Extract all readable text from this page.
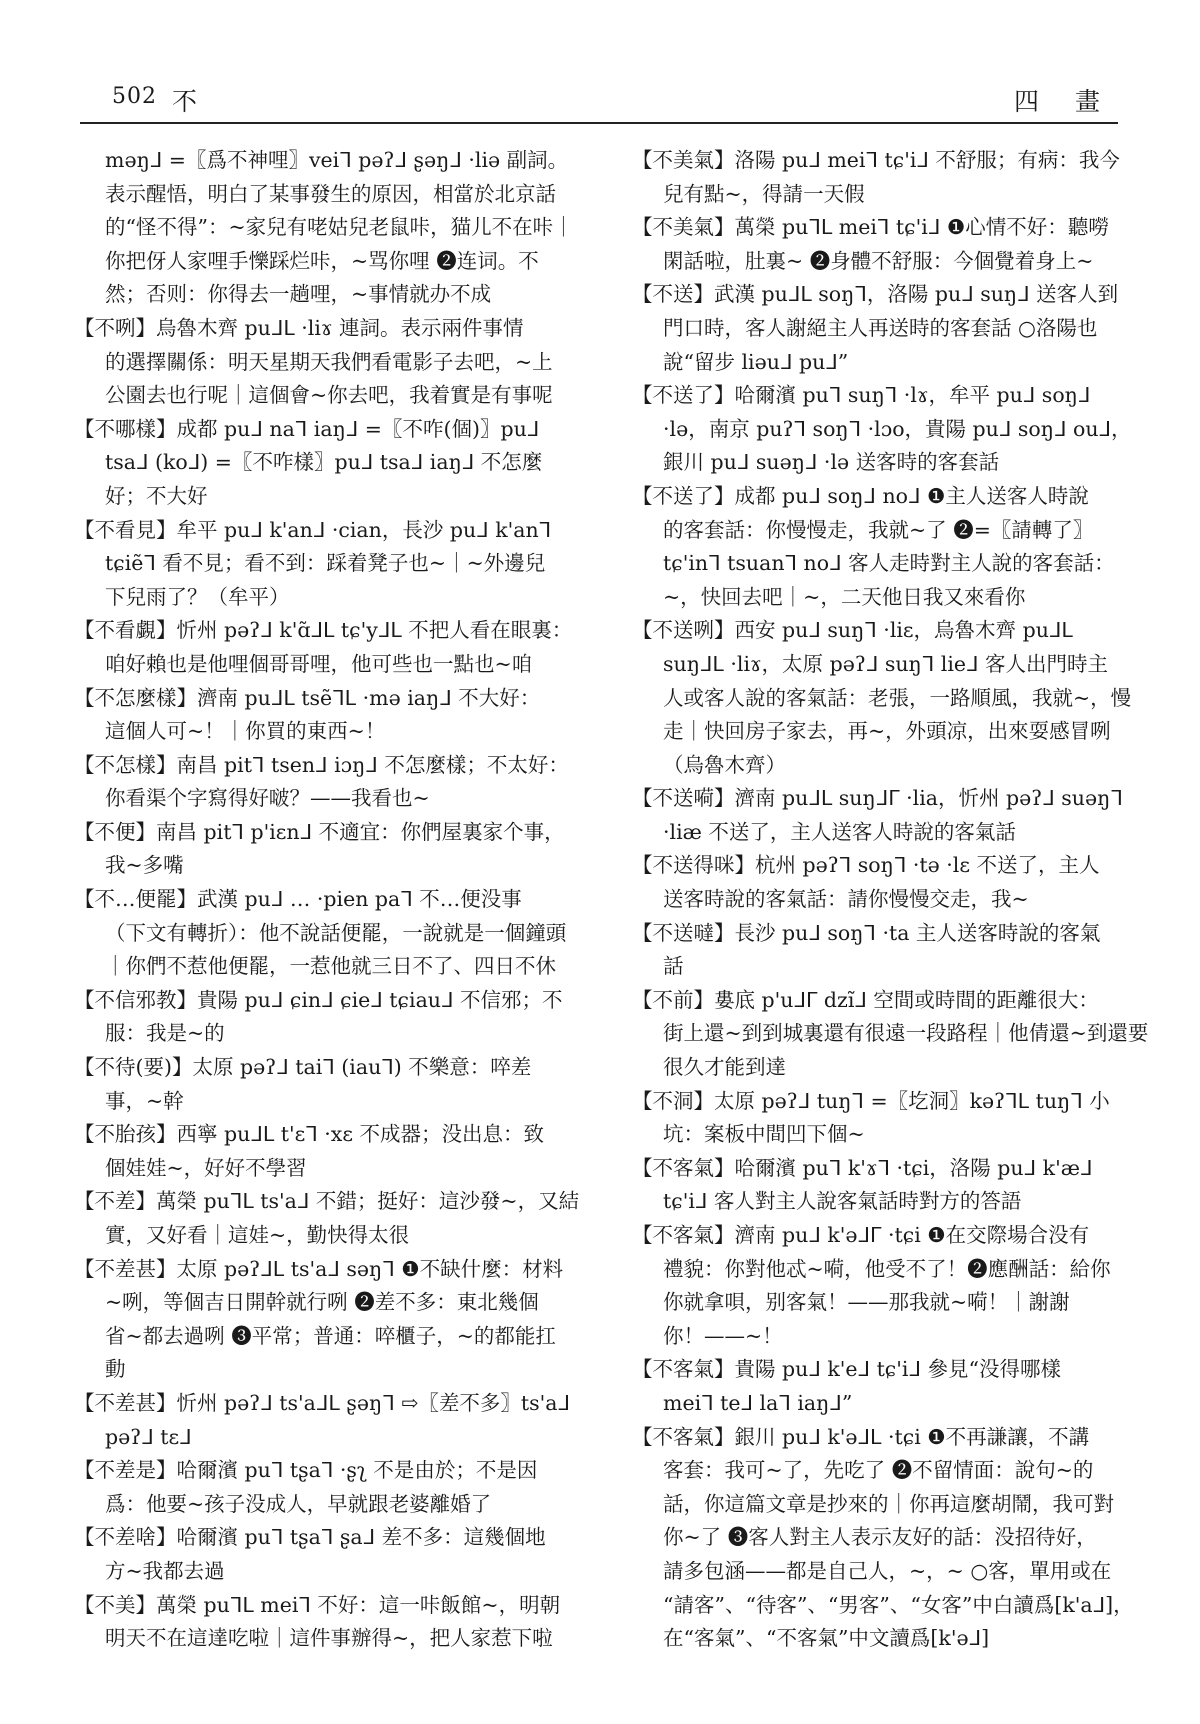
502 不	四 畫

məŋᒧ =〖爲不神哩〗veiᒣ pəʔᒧ ʂəŋᒧ ·liə 副詞。

表示醒悟，明白了某事發生的原因，相當於北京話

的“怪不得”：~家兒有咾姑兒老鼠咔，猫儿不在咔｜

你把伢人家哩手㦡踩烂咔，~骂你哩 ❷连词。不

然；否则：你得去一趟哩，~事情就办不成

【不咧】烏魯木齊 puᒧᒪ ·liɤ 連詞。表示兩件事情

的選擇關係：明天星期天我們看電影子去吧，~上

公園去也行呢｜這個會~你去吧，我着實是有事呢

【不哪樣】成都 puᒧ naᒣ iaŋᒧ =〖不咋(個)〗puᒧ

tsaᒧ (koᒧ) =〖不咋樣〗puᒧ tsaᒧ iaŋᒧ 不怎麼

好；不大好

【不看見】牟平 puᒧ k'anᒧ ·cian，長沙 puᒧ k'anᒣ

tɕiẽᒣ 看不見；看不到：踩着凳子也~｜~外邊兒

下兒雨了？（牟平）

【不看覷】忻州 pəʔᒧ k'ɑ̃ᒧᒪ tɕ'yᒧᒪ 不把人看在眼裏：

咱好賴也是他哩個哥哥哩，他可些也一點也~咱

【不怎麼樣】濟南 puᒧᒪ tsẽᒣᒪ ·mə iaŋᒧ 不大好：

這個人可~！｜你買的東西~！

【不怎樣】南昌 pitᒣ tsenᒧ iɔŋᒧ 不怎麼樣；不太好：

你看渠个字寫得好啵？——我看也~

【不便】南昌 pitᒣ p'iɛnᒧ 不適宜：你們屋裏家个事，

我~多嘴

【不…便罷】武漢 puᒧ … ·pien paᒣ 不…便没事

（下文有轉折）：他不說話便罷，一說就是一個鐘頭

｜你們不惹他便罷，一惹他就三日不了、四日不休

【不信邪教】貴陽 puᒧ ɕinᒧ ɕieᒧ tɕiauᒧ 不信邪；不

服：我是~的

【不待(要)】太原 pəʔᒧ taiᒣ (iauᒣ) 不樂意：啐差

事，~幹

【不胎孩】西寧 puᒧᒪ t'ɛᒣ ·xɛ 不成器；没出息：致

個娃娃~，好好不學習

【不差】萬榮 puᒣᒪ ts'aᒧ 不錯；挺好：這沙發~，又結

實，又好看｜這娃~，勤快得太很

【不差甚】太原 pəʔᒧᒪ ts'aᒧ səŋᒣ ❶不缺什麼：材料

~咧，等個吉日開幹就行咧 ❷差不多：東北幾個

省~都去過咧 ❸平常；普通：啐櫃子，~的都能扛

動

【不差甚】忻州 pəʔᒧ ts'aᒧᒪ ʂəŋᒣ ⇨〖差不多〗ts'aᒧ

pəʔᒧ tɛᒧ

【不差是】哈爾濱 puᒣ tʂaᒣ ·ʂʅ 不是由於；不是因

爲：他要~孩子没成人，早就跟老婆離婚了

【不差啥】哈爾濱 puᒣ tʂaᒣ ʂaᒧ 差不多：這幾個地

方~我都去過

【不美】萬榮 puᒣᒪ meiᒣ 不好：這一咔飯館~，明朝

明天不在這達吃啦｜這件事辦得~，把人家惹下啦

【不美氣】洛陽 puᒧ meiᒣ tɕ'iᒧ 不舒服；有病：我今

兒有點~，得請一天假

【不美氣】萬榮 puᒣᒪ meiᒣ tɕ'iᒧ ❶心情不好：聽嘮

閑話啦，肚裏~ ❷身體不舒服：今個覺着身上~

【不送】武漢 puᒧᒪ soŋᒣ，洛陽 puᒧ suŋᒧ 送客人到

門口時，客人謝絕主人再送時的客套話 ○洛陽也

說“留步 liəuᒧ puᒧ”

【不送了】哈爾濱 puᒣ suŋᒣ ·lɤ，牟平 puᒧ soŋᒧ

·lə，南京 puʔᒣ soŋᒣ ·lɔo，貴陽 puᒧ soŋᒧ ouᒧ，

銀川 puᒧ suəŋᒧ ·lə 送客時的客套話

【不送了】成都 puᒧ soŋᒧ noᒧ ❶主人送客人時說

的客套話：你慢慢走，我就~了 ❷=〖請轉了〗

tɕ'inᒣ tsuanᒣ noᒧ 客人走時對主人說的客套話：

~，快回去吧｜~，二天他日我又來看你

【不送咧】西安 puᒧ suŋᒣ ·liɛ，烏魯木齊 puᒧᒪ

suŋᒧᒪ ·liɤ，太原 pəʔᒧ suŋᒣ lieᒧ 客人出門時主

人或客人說的客氣話：老張，一路順風，我就~，慢

走｜快回房子家去，再~，外頭凉，出來耍感冒咧

（烏魯木齊）

【不送嗬】濟南 puᒧᒪ suŋᒧᒥ ·lia，忻州 pəʔᒧ suəŋᒣ

·liæ 不送了，主人送客人時說的客氣話

【不送得咪】杭州 pəʔᒣ soŋᒣ ·tə ·lɛ 不送了，主人

送客時說的客氣話：請你慢慢交走，我~

【不送噠】長沙 puᒧ soŋᒣ ·ta 主人送客時說的客氣

話

【不前】婁底 p'uᒧᒥ dzĩᒧ 空間或時間的距離很大：

街上還~到到城裏還有很遠一段路程｜他倩還~到還要

很久才能到達

【不洞】太原 pəʔᒧ tuŋᒣ =〖圪洞〗kəʔᒣᒪ tuŋᒣ 小

坑：案板中間凹下個~

【不客氣】哈爾濱 puᒣ k'ɤᒣ ·tɕi，洛陽 puᒧ k'æᒧ

tɕ'iᒧ 客人對主人說客氣話時對方的答語

【不客氣】濟南 puᒧ k'əᒧᒥ ·tɕi ❶在交際場合没有

禮貌：你對他忒~嗬，他受不了！❷應酬話：給你

你就拿唄，别客氣！——那我就~嗬！｜謝謝

你！——~！

【不客氣】貴陽 puᒧ k'eᒧ tɕ'iᒧ 參見“没得哪樣

meiᒣ teᒧ laᒣ iaŋᒧ”

【不客氣】銀川 puᒧ k'əᒧᒪ ·tɕi ❶不再謙讓，不講

客套：我可~了，先吃了 ❷不留情面：說句~的

話，你這篇文章是抄來的｜你再這麼胡鬧，我可對

你~了 ❸客人對主人表示友好的話：没招待好，

請多包涵——都是自己人，~，~ ○客，單用或在

“請客”、“待客”、“男客”、“女客”中白讀爲[k'aᒧ]，

在“客氣”、“不客氣”中文讀爲[k'əᒧ]
